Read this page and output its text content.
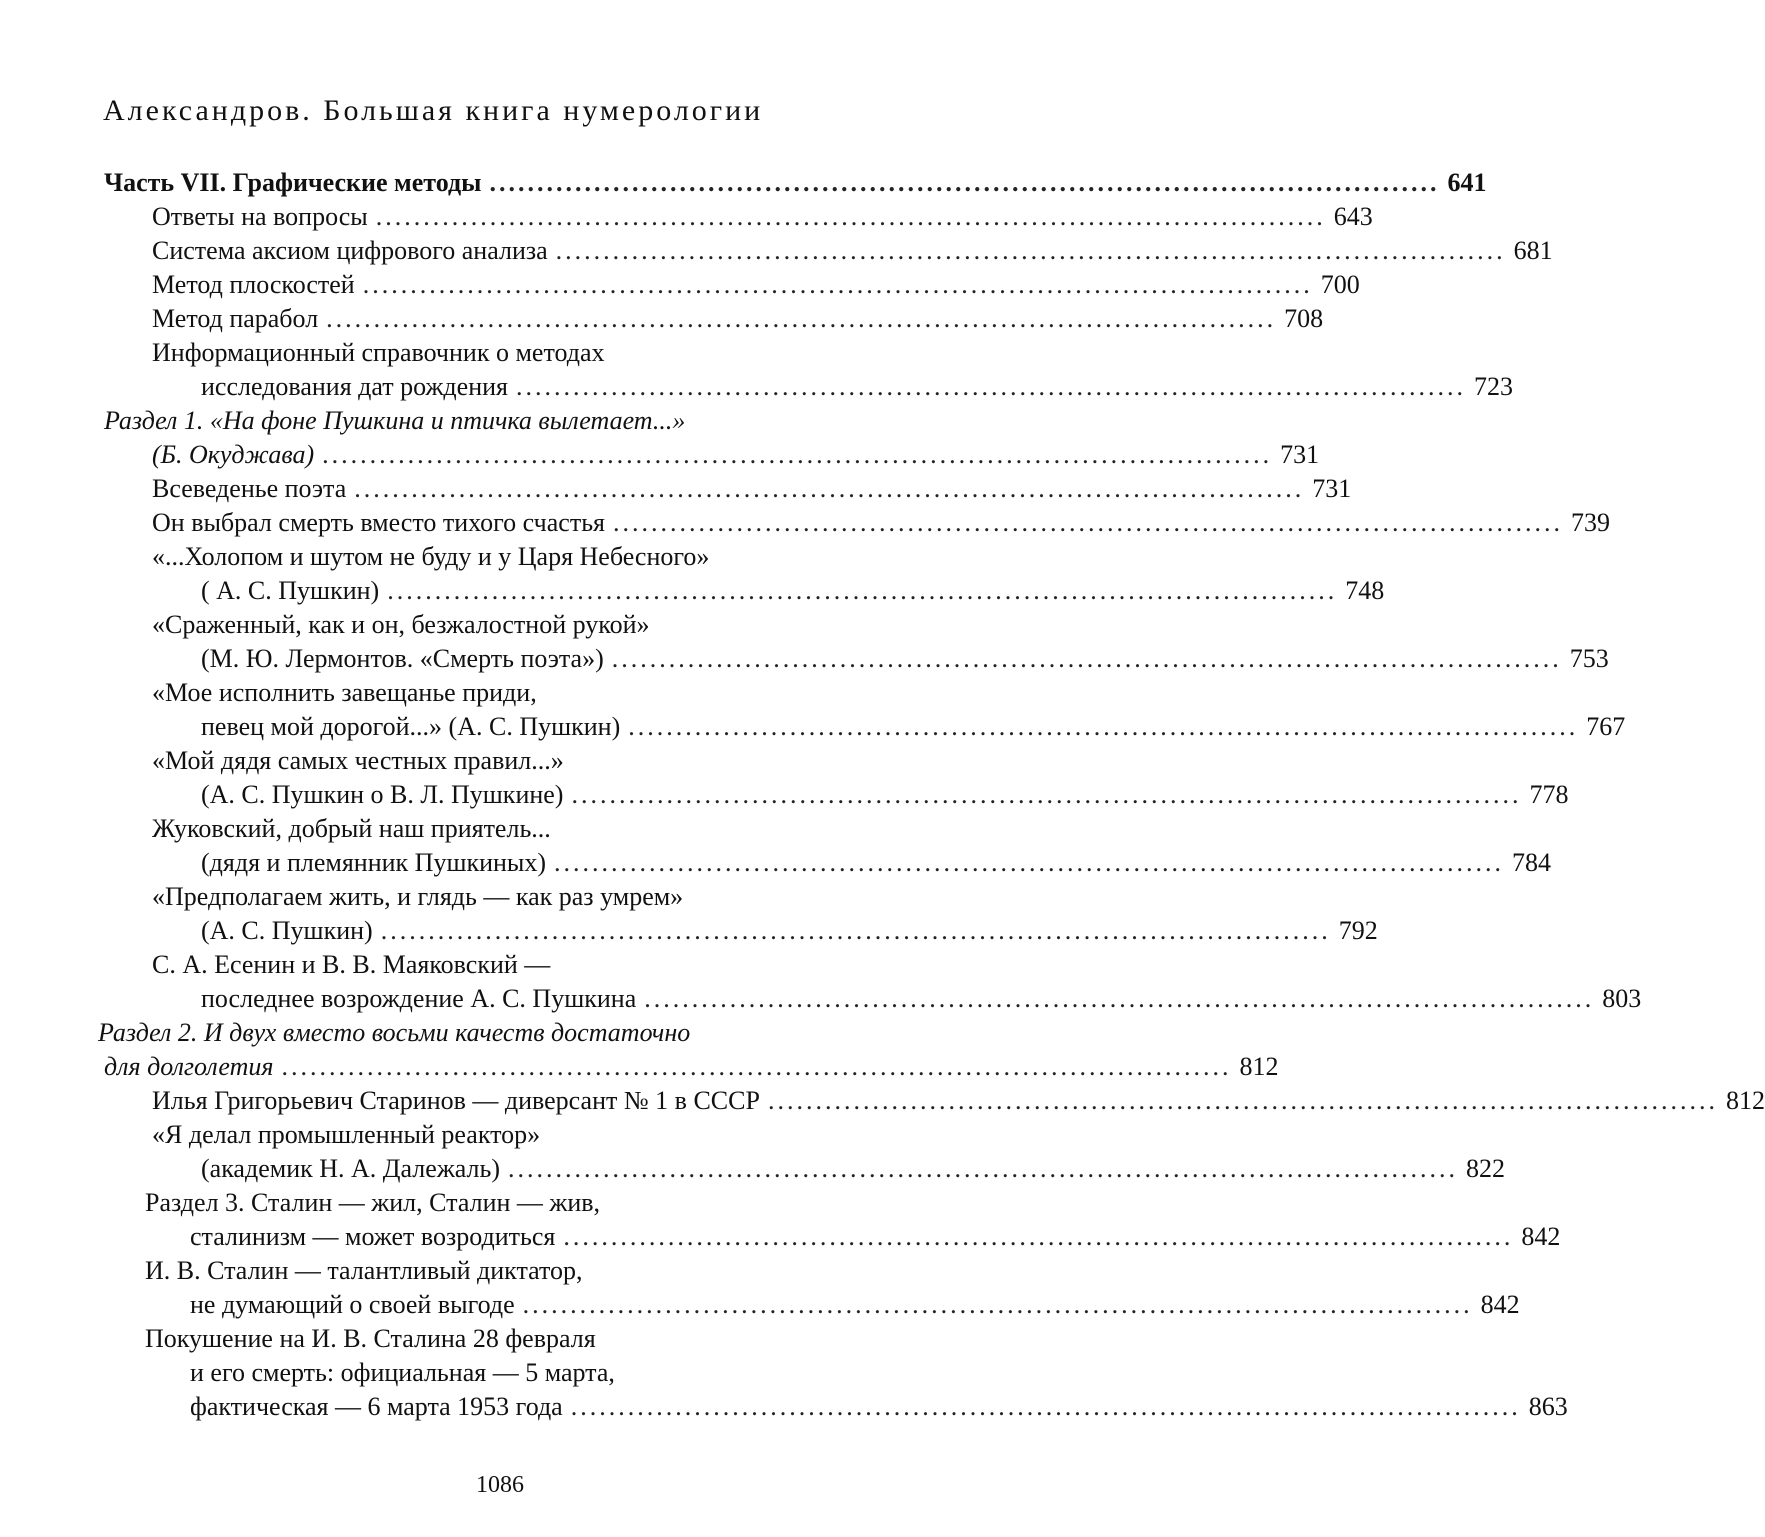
Александров. Большая книга нумерологии
Часть VII. Графические методы .................................................................................................... 641
Ответы на вопросы .................................................................................................... 643
Система аксиом цифрового анализа .................................................................................................... 681
Метод плоскостей .................................................................................................... 700
Метод парабол .................................................................................................... 708
Информационный справочник о методах
исследования дат рождения .................................................................................................... 723
Раздел 1. «На фоне Пушкина и птичка вылетает...»
(Б. Окуджава) .................................................................................................... 731
Всеведенье поэта .................................................................................................... 731
Он выбрал смерть вместо тихого счастья .................................................................................................... 739
«...Холопом и шутом не буду и у Царя Небесного»
( А. С. Пушкин) .................................................................................................... 748
«Сраженный, как и он, безжалостной рукой»
(М. Ю. Лермонтов. «Смерть поэта») .................................................................................................... 753
«Мое исполнить завещанье приди,
певец мой дорогой...» (А. С. Пушкин) .................................................................................................... 767
«Мой дядя самых честных правил...»
(А. С. Пушкин о В. Л. Пушкине) .................................................................................................... 778
Жуковский, добрый наш приятель...
(дядя и племянник Пушкиных) .................................................................................................... 784
«Предполагаем жить, и глядь — как раз умрем»
(А. С. Пушкин) .................................................................................................... 792
С. А. Есенин и В. В. Маяковский —
последнее возрождение А. С. Пушкина .................................................................................................... 803
Раздел 2. И двух вместо восьми качеств достаточно
для долголетия .................................................................................................... 812
Илья Григорьевич Старинов — диверсант № 1 в СССР .................................................................................................... 812
«Я делал промышленный реактор»
(академик Н. А. Далежаль) .................................................................................................... 822
Раздел 3. Сталин — жил, Сталин — жив,
сталинизм — может возродиться .................................................................................................... 842
И. В. Сталин — талантливый диктатор,
не думающий о своей выгоде .................................................................................................... 842
Покушение на И. В. Сталина 28 февраля
и его смерть: официальная — 5 марта,
фактическая — 6 марта 1953 года .................................................................................................... 863
1086
